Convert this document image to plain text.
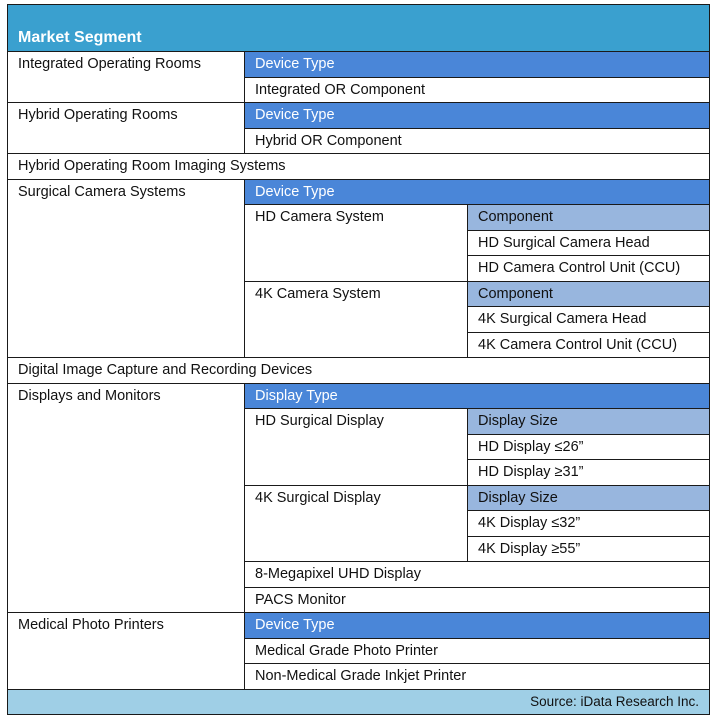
Market Segment		
Integrated Operating Rooms	Device Type	
	Integrated OR Component	
Hybrid Operating Rooms	Device Type	
	Hybrid OR Component	
Hybrid Operating Room Imaging Systems		
Surgical Camera Systems	Device Type	
	HD Camera System	Component
		HD Surgical Camera Head
		HD Camera Control Unit (CCU)
	4K Camera System	Component
		4K Surgical Camera Head
		4K Camera Control Unit (CCU)
Digital Image Capture and Recording Devices		
Displays and Monitors	Display Type	
	HD Surgical Display	Display Size
		HD Display ≤26”
		HD Display ≥31”
	4K Surgical Display	Display Size
		4K Display ≤32”
		4K Display ≥55”
	8-Megapixel UHD Display	
	PACS Monitor	
Medical Photo Printers	Device Type	
	Medical Grade Photo Printer	
	Non-Medical Grade Inkjet Printer	
Source: iData Research Inc.		
